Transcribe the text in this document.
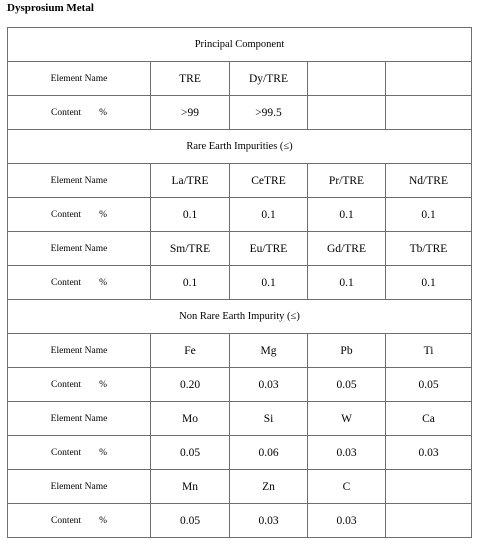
Dysprosium Metal
Principal Component				
Element Name	TRE	Dy/TRE		
Content %	>99	>99.5		
Rare Earth Impurities (≤)				
Element Name	La/TRE	CeTRE	Pr/TRE	Nd/TRE
Content %	0.1	0.1	0.1	0.1
Element Name	Sm/TRE	Eu/TRE	Gd/TRE	Tb/TRE
Content %	0.1	0.1	0.1	0.1
Non Rare Earth Impurity (≤)				
Element Name	Fe	Mg	Pb	Ti
Content %	0.20	0.03	0.05	0.05
Element Name	Mo	Si	W	Ca
Content %	0.05	0.06	0.03	0.03
Element Name	Mn	Zn	C	
Content %	0.05	0.03	0.03	
